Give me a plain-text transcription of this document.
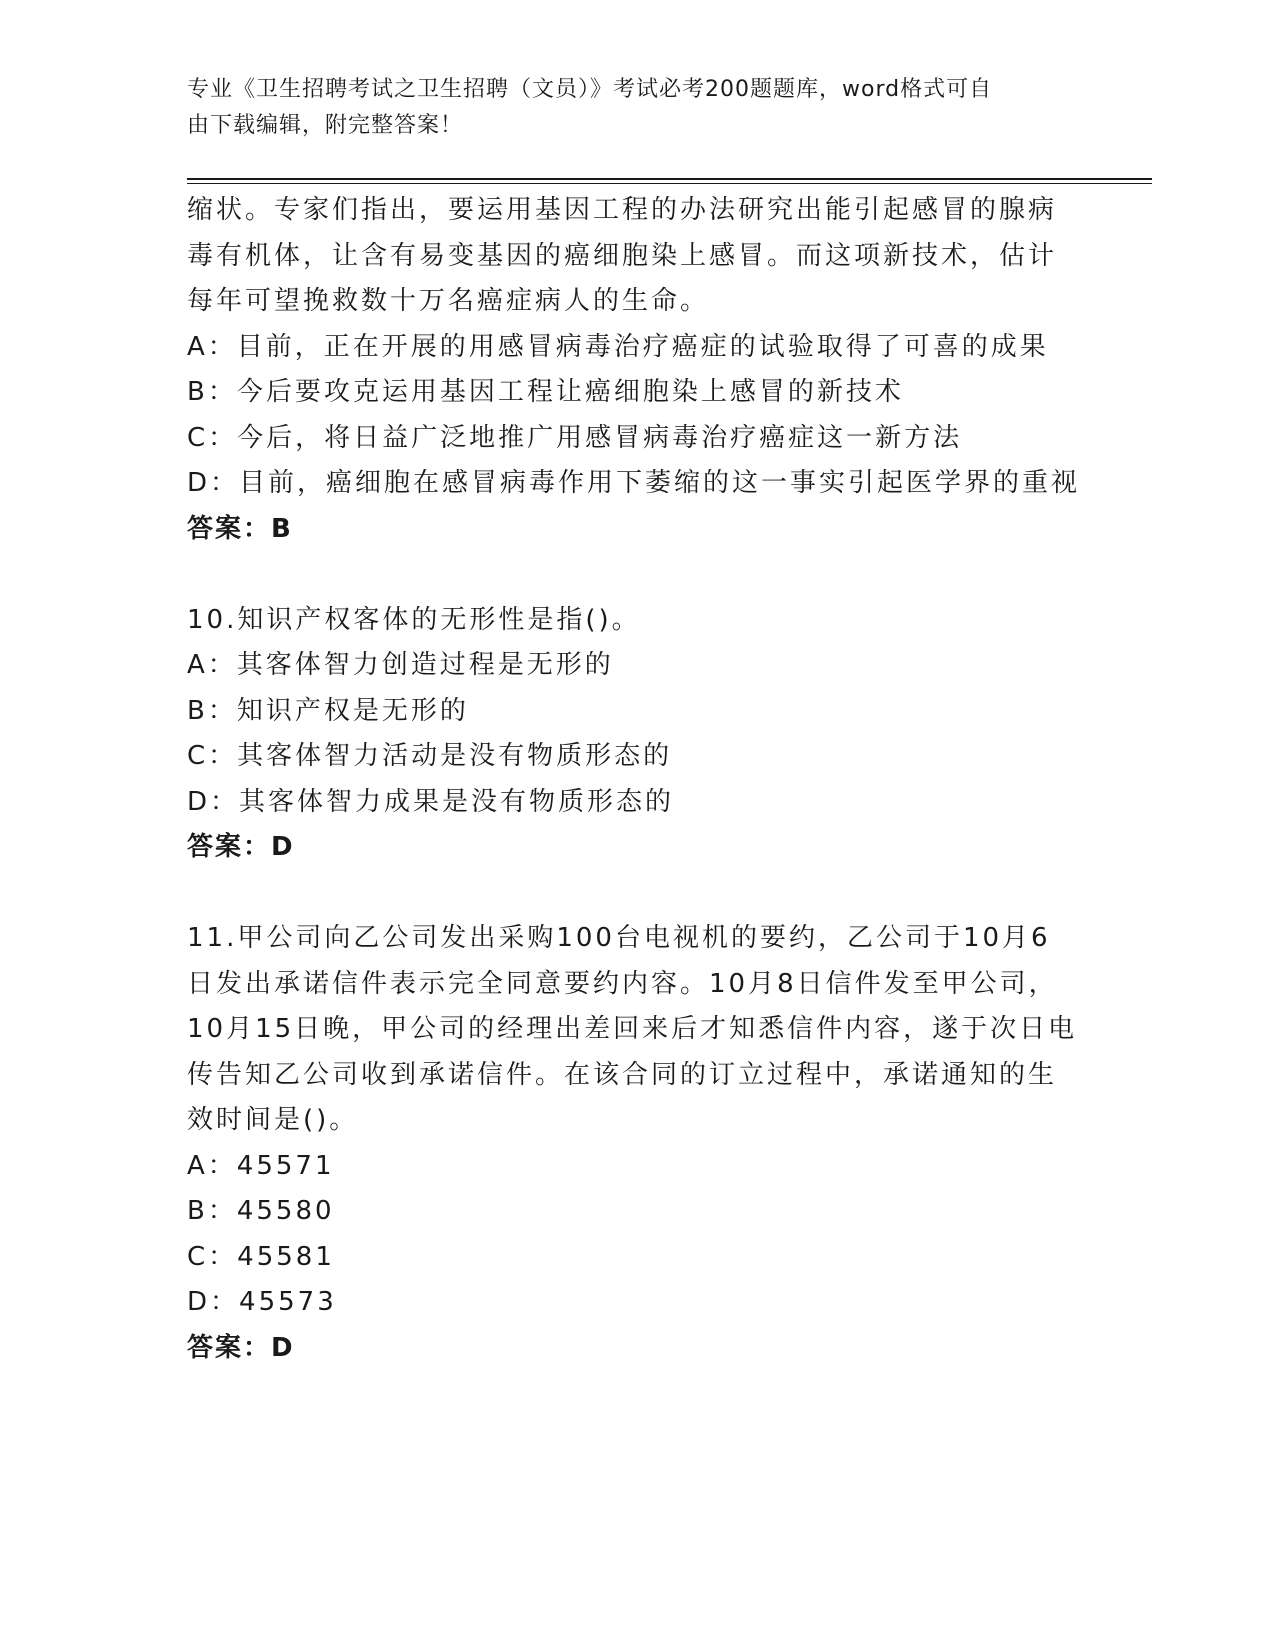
专业《卫生招聘考试之卫生招聘（文员）》考试必考200题题库，word格式可自
由下载编辑，附完整答案！
缩状。专家们指出，要运用基因工程的办法研究出能引起感冒的腺病
毒有机体，让含有易变基因的癌细胞染上感冒。而这项新技术，估计
每年可望挽救数十万名癌症病人的生命。
A：目前，正在开展的用感冒病毒治疗癌症的试验取得了可喜的成果
B：今后要攻克运用基因工程让癌细胞染上感冒的新技术
C：今后，将日益广泛地推广用感冒病毒治疗癌症这一新方法
D：目前，癌细胞在感冒病毒作用下萎缩的这一事实引起医学界的重视
答案：B
10.知识产权客体的无形性是指()。
A：其客体智力创造过程是无形的
B：知识产权是无形的
C：其客体智力活动是没有物质形态的
D：其客体智力成果是没有物质形态的
答案：D
11.甲公司向乙公司发出采购100台电视机的要约，乙公司于10月6
日发出承诺信件表示完全同意要约内容。10月8日信件发至甲公司，
10月15日晚，甲公司的经理出差回来后才知悉信件内容，遂于次日电
传告知乙公司收到承诺信件。在该合同的订立过程中，承诺通知的生
效时间是()。
A：45571
B：45580
C：45581
D：45573
答案：D
